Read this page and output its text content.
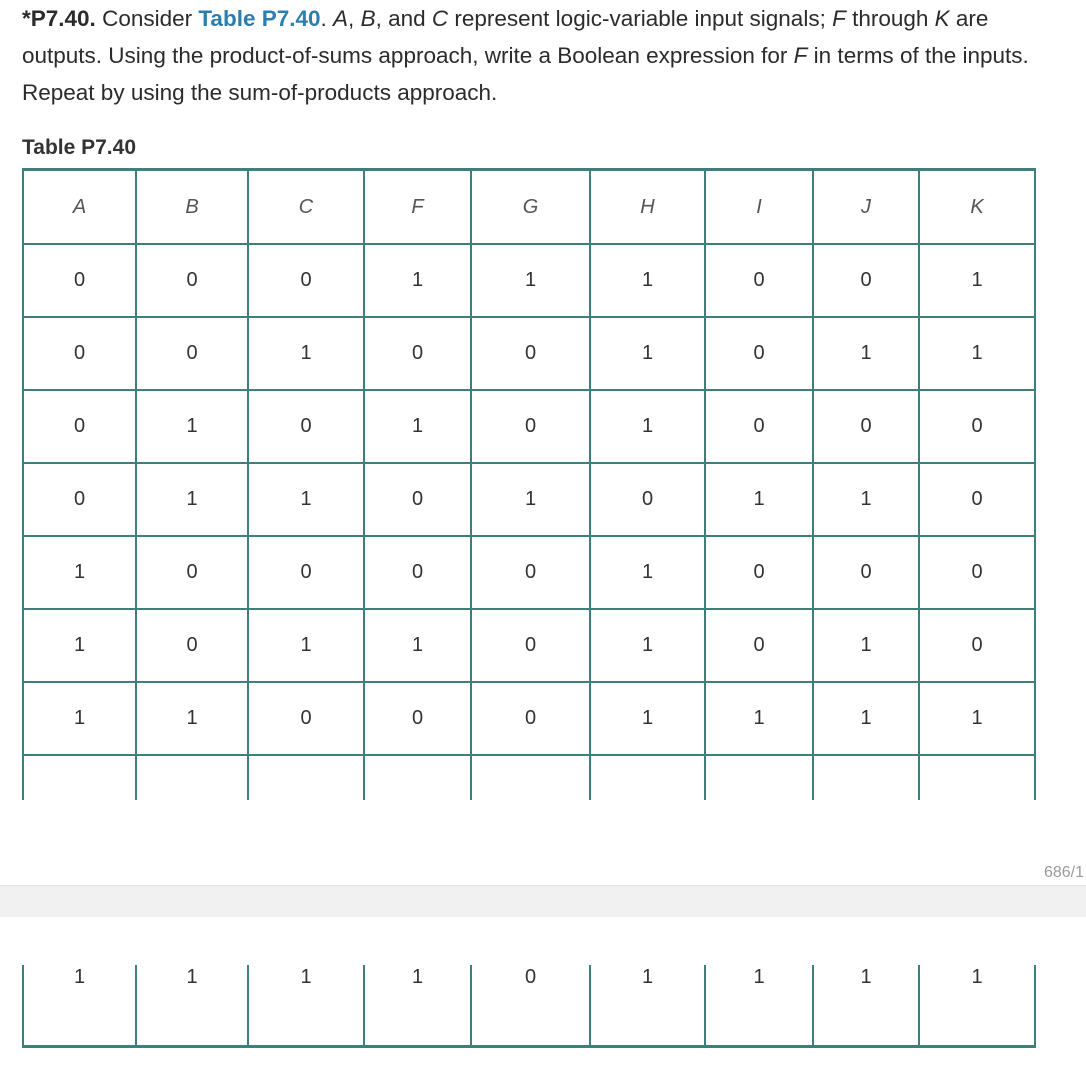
*P7.40. Consider Table P7.40. A, B, and C represent logic-variable input signals; F through K are outputs. Using the product-of-sums approach, write a Boolean expression for F in terms of the inputs. Repeat by using the sum-of-products approach.
Table P7.40
A	B	C	F	G	H	I	J	K
0	0	0	1	1	1	0	0	1
0	0	1	0	0	1	0	1	1
0	1	0	1	0	1	0	0	0
0	1	1	0	1	0	1	1	0
1	0	0	0	0	1	0	0	0
1	0	1	1	0	1	0	1	0
1	1	0	0	0	1	1	1	1

686/1
1	1	1	1	0	1	1	1	1
